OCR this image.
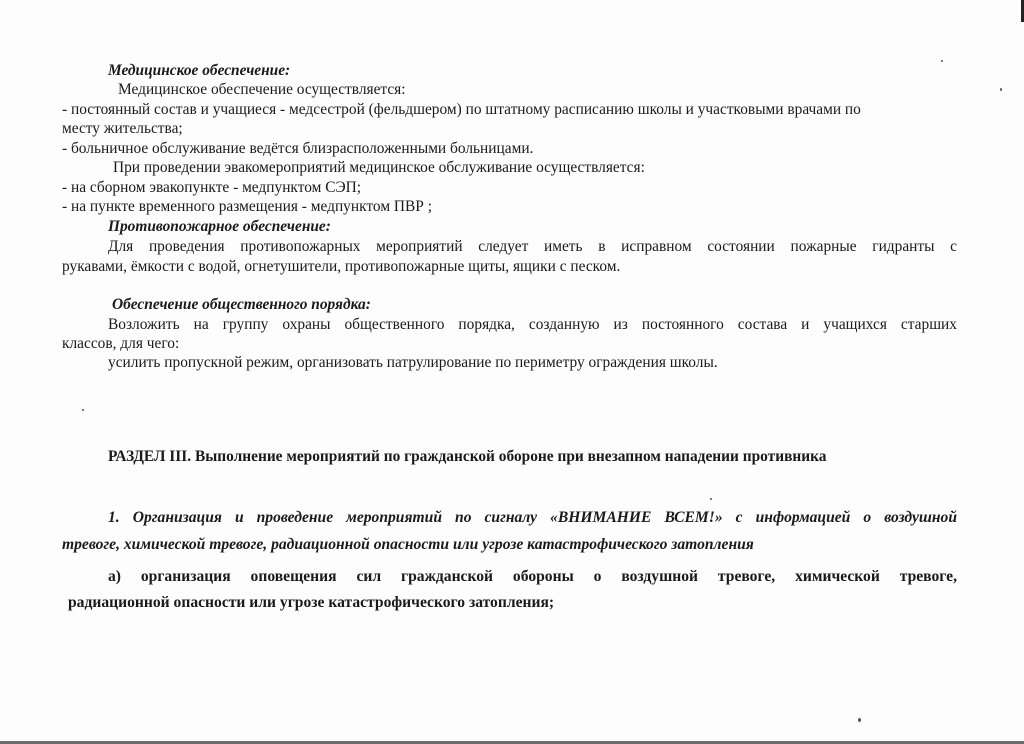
Медицинское обеспечение:
Медицинское обеспечение осуществляется:
- постоянный состав и учащиеся - медсестрой (фельдшером) по штатному расписанию школы и участковыми врачами по
месту жительства;
- больничное обслуживание ведётся близрасположенными больницами.
При проведении эвакомероприятий медицинское обслуживание осуществляется:
- на сборном эвакопункте - медпунктом СЭП;
- на пункте временного размещения - медпунктом ПВР ;
Противопожарное обеспечение:
Для проведения противопожарных мероприятий следует иметь в исправном состоянии пожарные гидранты с
рукавами, ёмкости с водой, огнетушители, противопожарные щиты, ящики с песком.
Обеспечение общественного порядка:
Возложить на группу охраны общественного порядка, созданную из постоянного состава и учащихся старших
классов, для чего:
усилить пропускной режим, организовать патрулирование по периметру ограждения школы.
РАЗДЕЛ III. Выполнение мероприятий по гражданской обороне при внезапном нападении противника
1. Организация и проведение мероприятий по сигналу «ВНИМАНИЕ ВСЕМ!» с информацией о воздушной
тревоге, химической тревоге, радиационной опасности или угрозе катастрофического затопления
а) организация оповещения сил гражданской обороны о воздушной тревоге, химической тревоге,
радиационной опасности или угрозе катастрофического затопления;
